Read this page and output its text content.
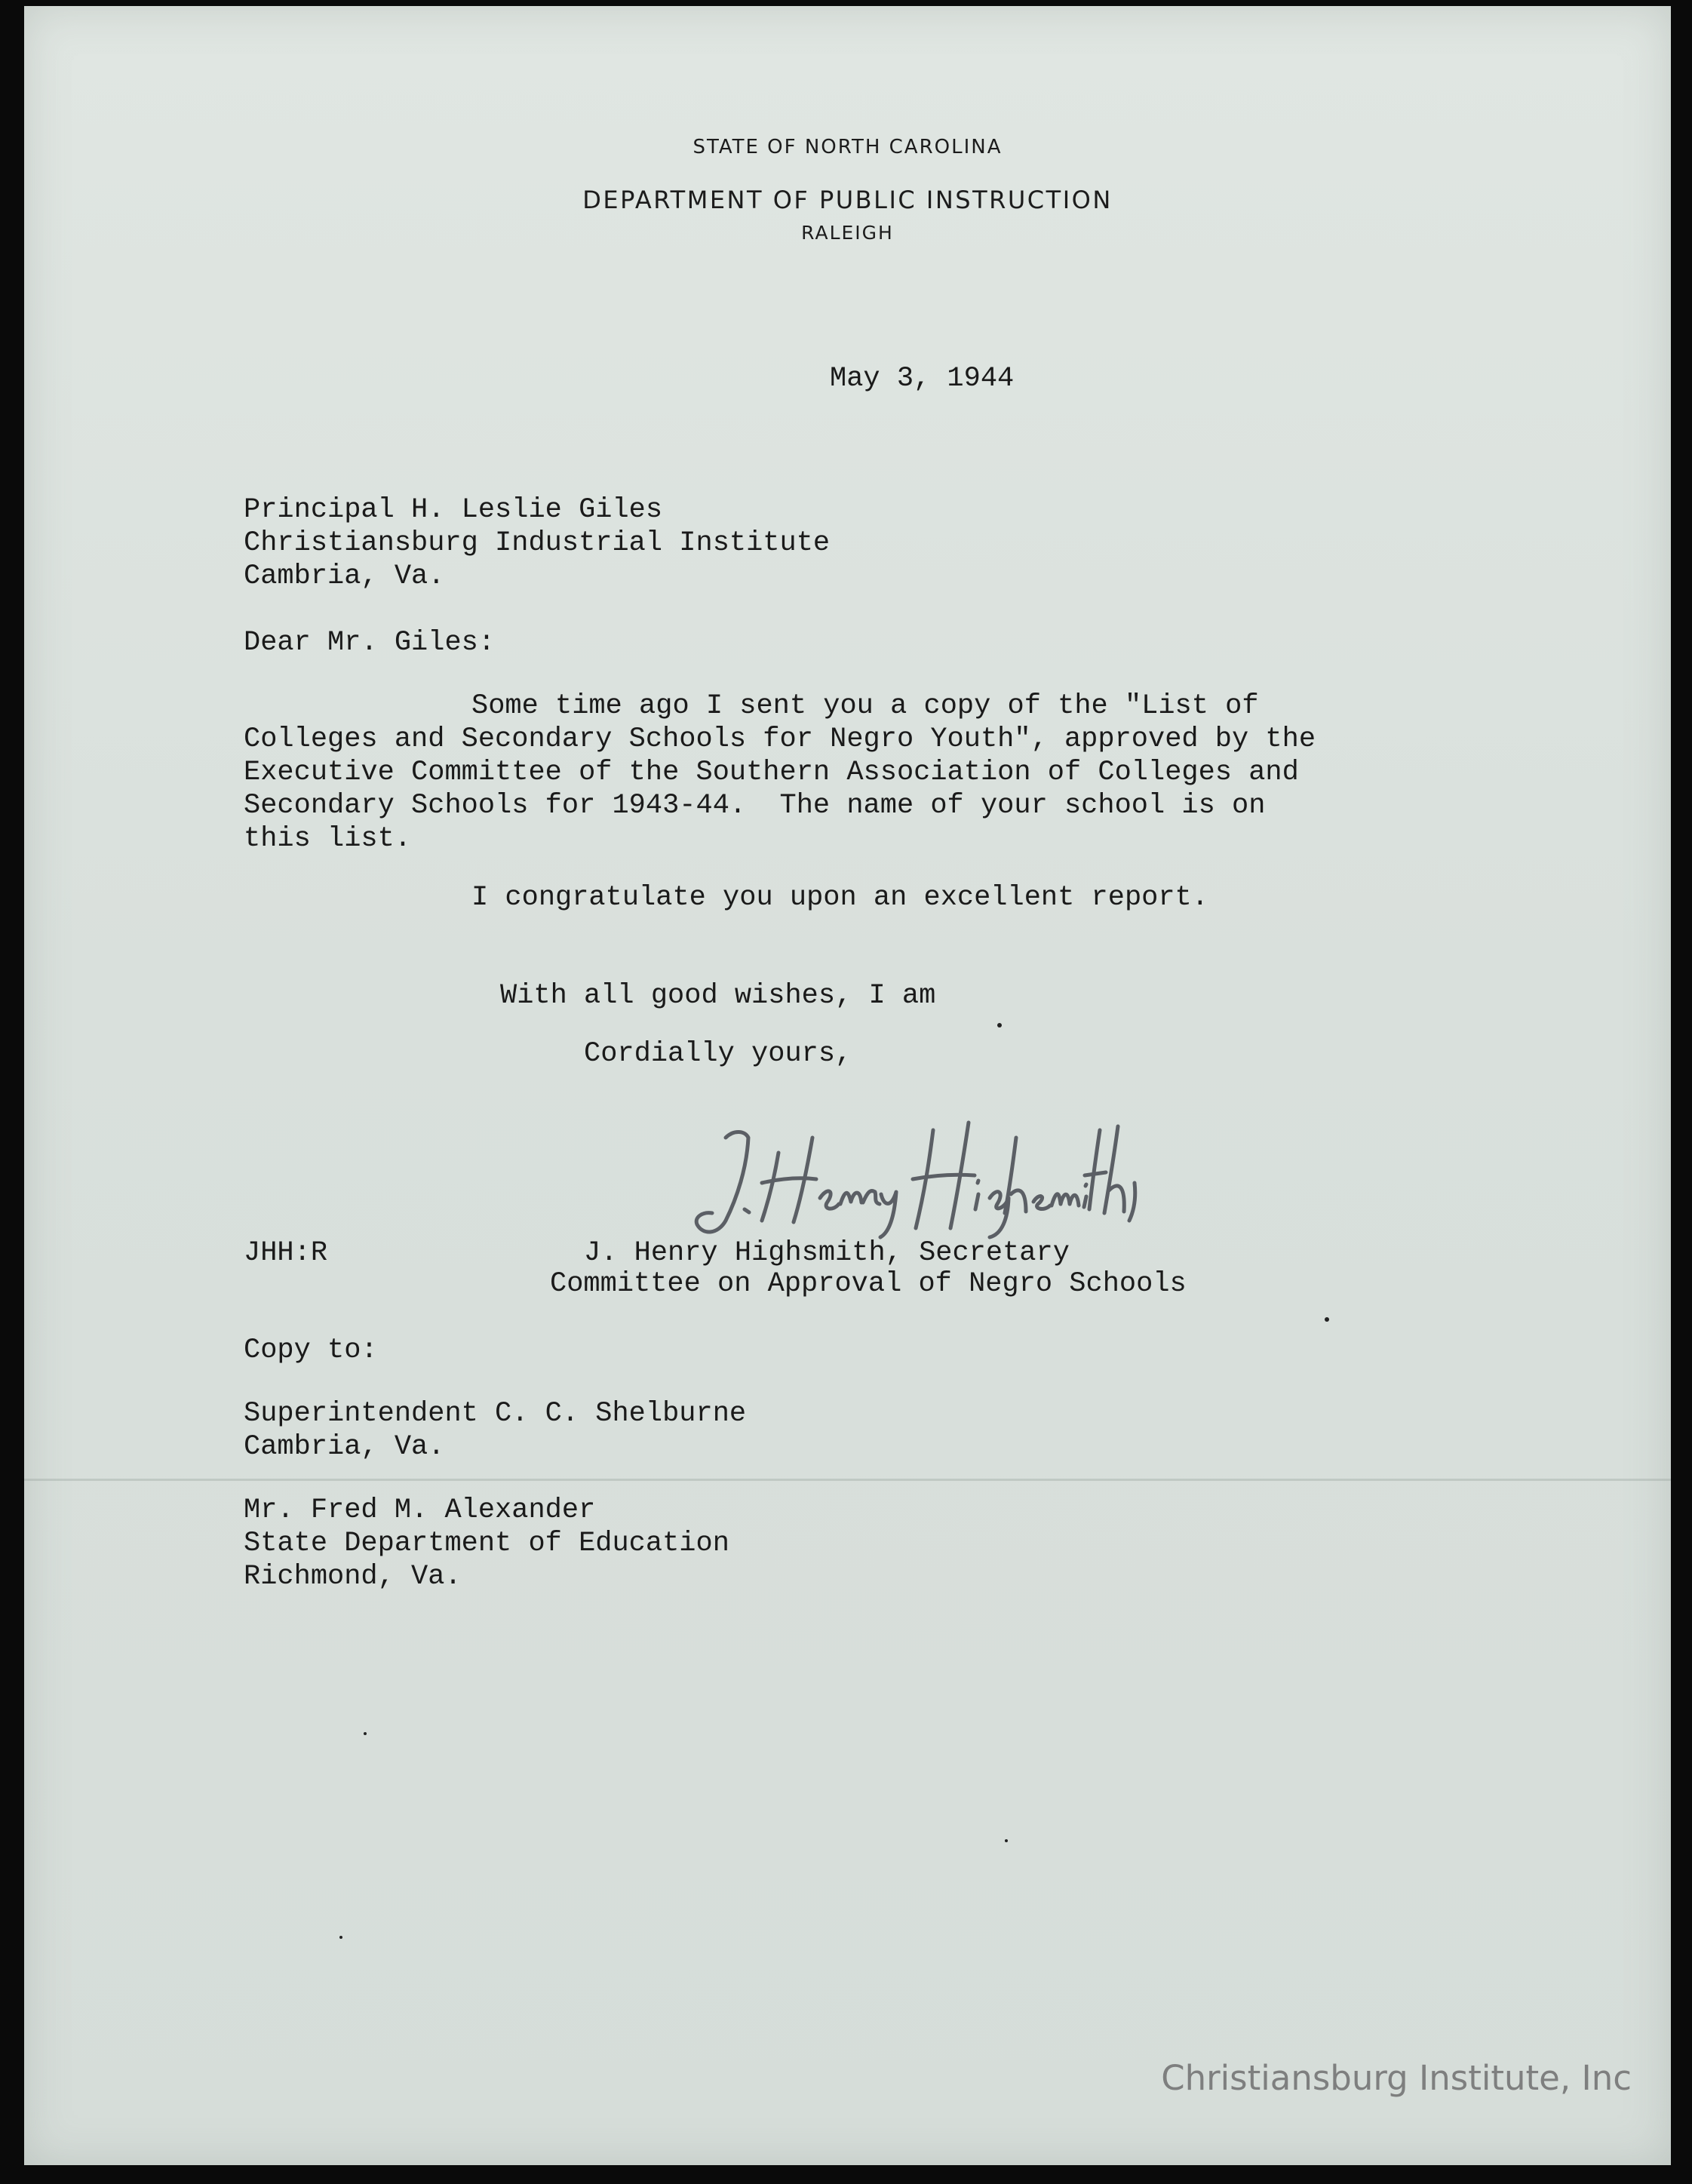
STATE OF NORTH CAROLINA
DEPARTMENT OF PUBLIC INSTRUCTION
RALEIGH
May 3, 1944
Principal H. Leslie Giles
Christiansburg Industrial Institute
Cambria, Va.
Dear Mr. Giles:
Some time ago I sent you a copy of the "List of
Colleges and Secondary Schools for Negro Youth", approved by the
Executive Committee of the Southern Association of Colleges and
Secondary Schools for 1943-44.  The name of your school is on
this list.
I congratulate you upon an excellent report.
With all good wishes, I am
Cordially yours,
JHH:R	J. Henry Highsmith, Secretary
Committee on Approval of Negro Schools
Copy to:
Superintendent C. C. Shelburne
Cambria, Va.
Mr. Fred M. Alexander
State Department of Education
Richmond, Va.
Christiansburg Institute, Inc
